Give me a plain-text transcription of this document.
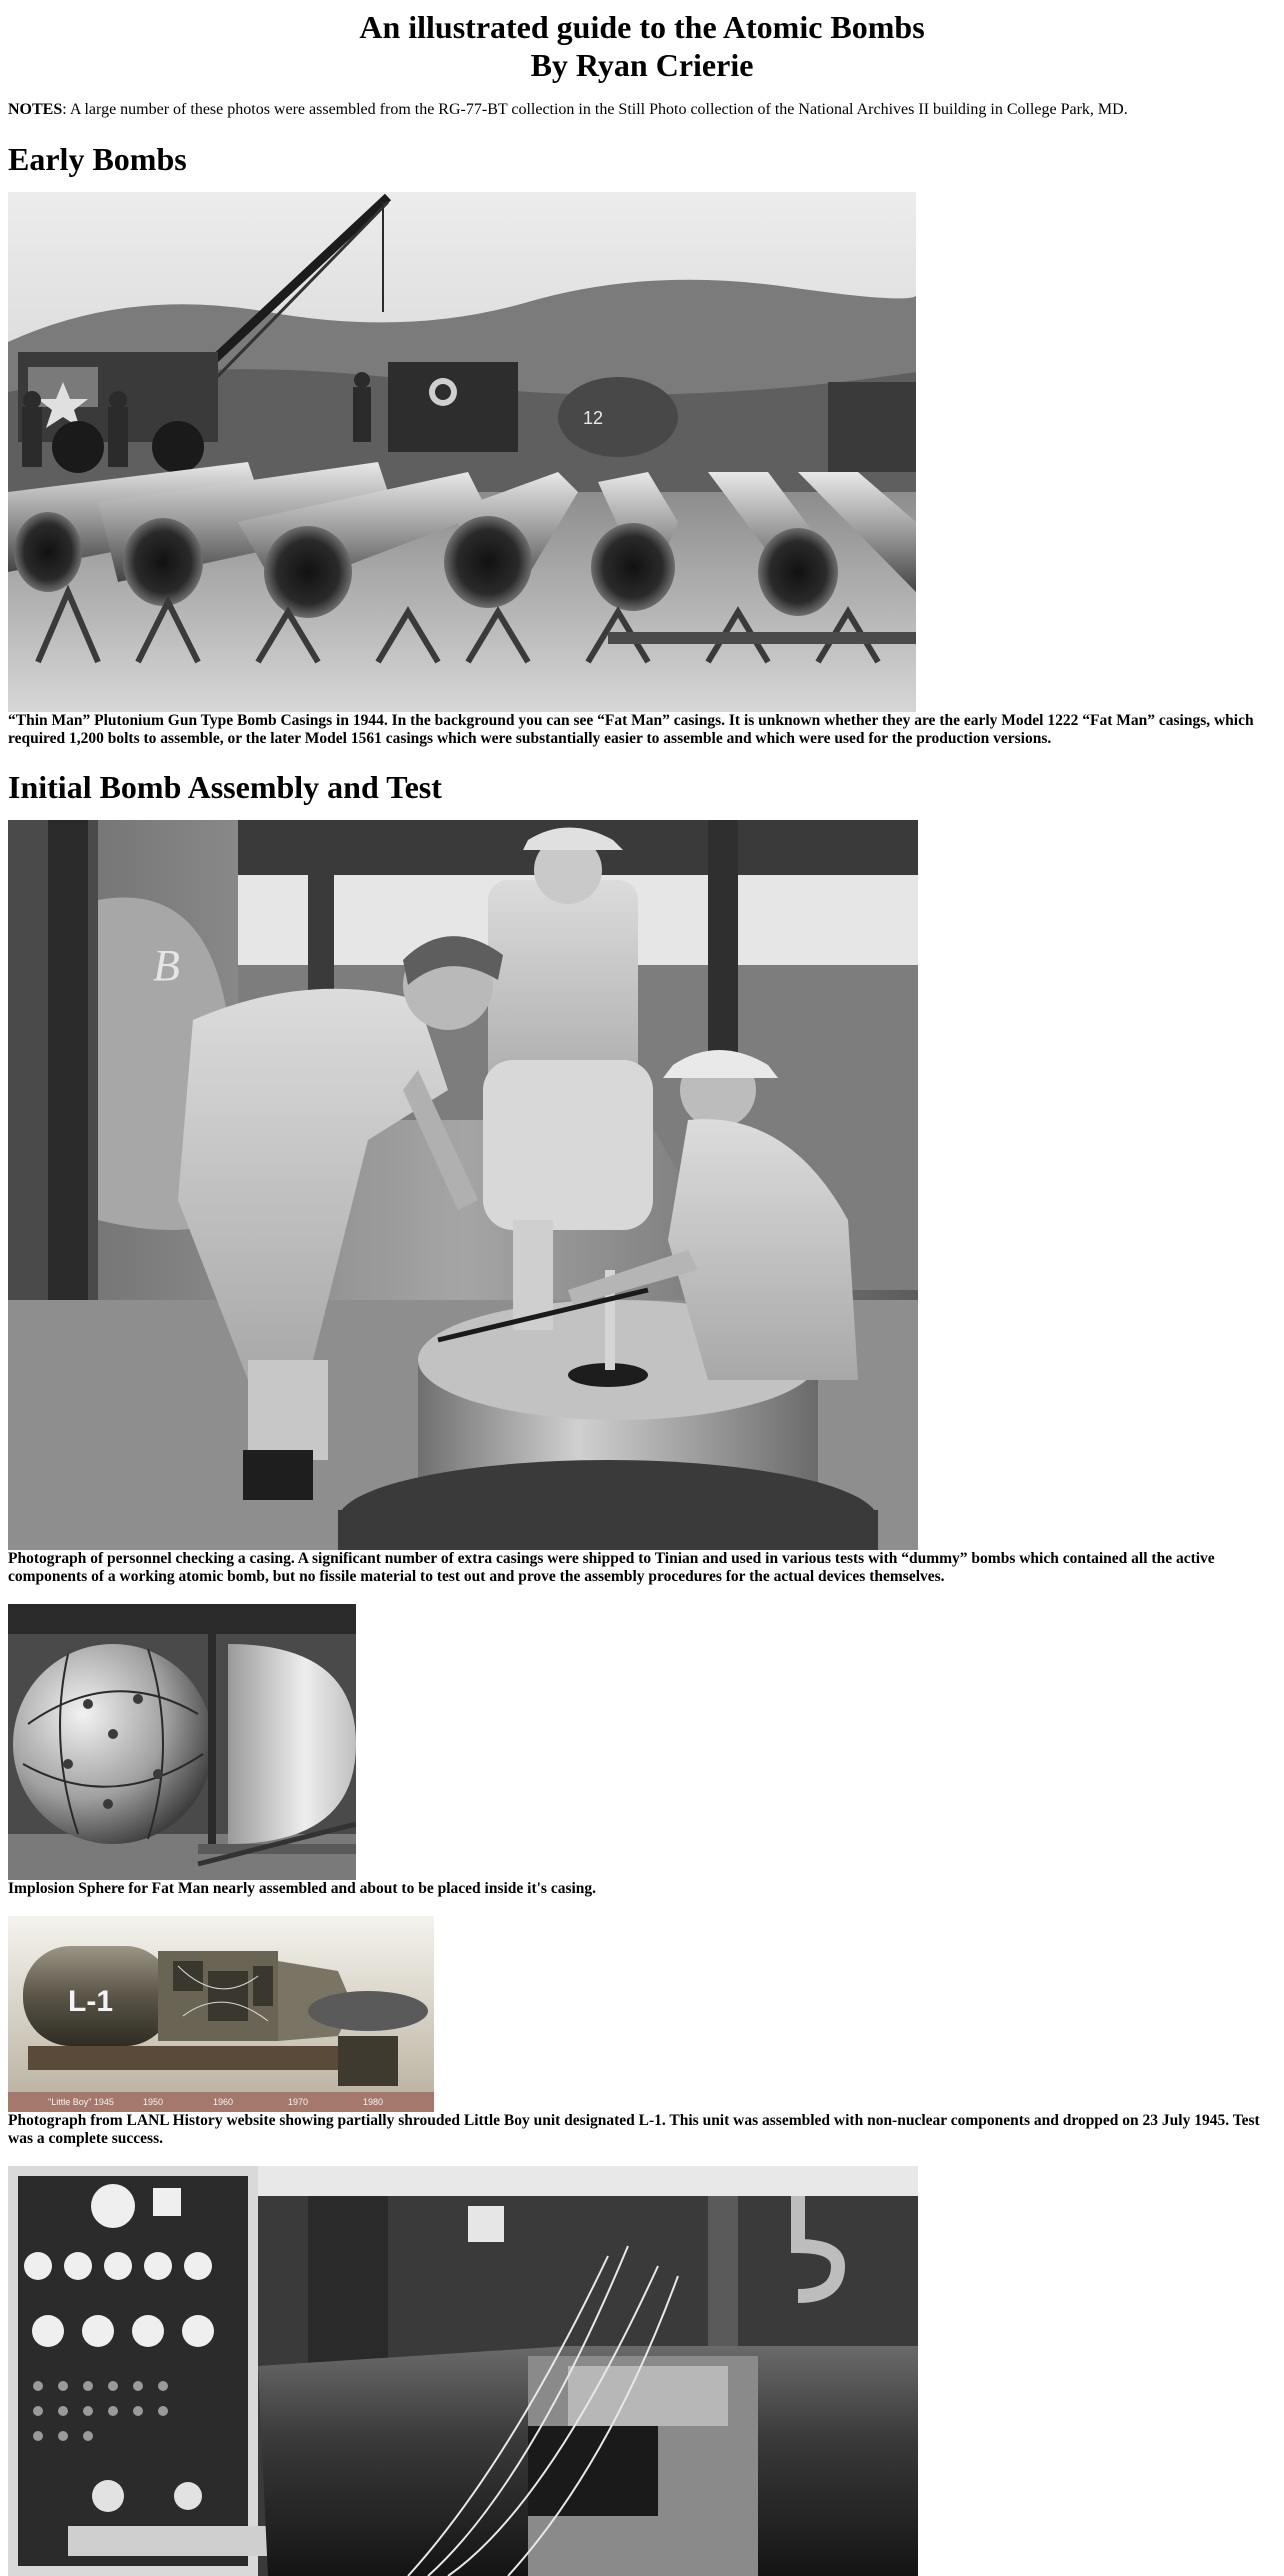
An illustrated guide to the Atomic Bombs
By Ryan Crierie

NOTES: A large number of these photos were assembled from the RG-77-BT collection in the Still Photo collection of the National Archives II building in College Park, MD.

Early Bombs
12

“Thin Man” Plutonium Gun Type Bomb Casings in 1944. In the background you can see “Fat Man” casings. It is unknown whether they are the early Model 1222 “Fat Man” casings, which required 1,200 bolts to assemble, or the later Model 1561 casings which were substantially easier to assemble and which were used for the production versions.

Initial Bomb Assembly and Test
B

Photograph of personnel checking a casing. A significant number of extra casings were shipped to Tinian and used in various tests with “dummy” bombs which contained all the active components of a working atomic bomb, but no fissile material to test out and prove the assembly procedures for the actual devices themselves.

Implosion Sphere for Fat Man nearly assembled and about to be placed inside it's casing.

"Little Boy" 1945	1950	1960	1970	1980
L-1

Photograph from LANL History website showing partially shrouded Little Boy unit designated L-1. This unit was assembled with non-nuclear components and dropped on 23 July 1945. Test was a complete success.
